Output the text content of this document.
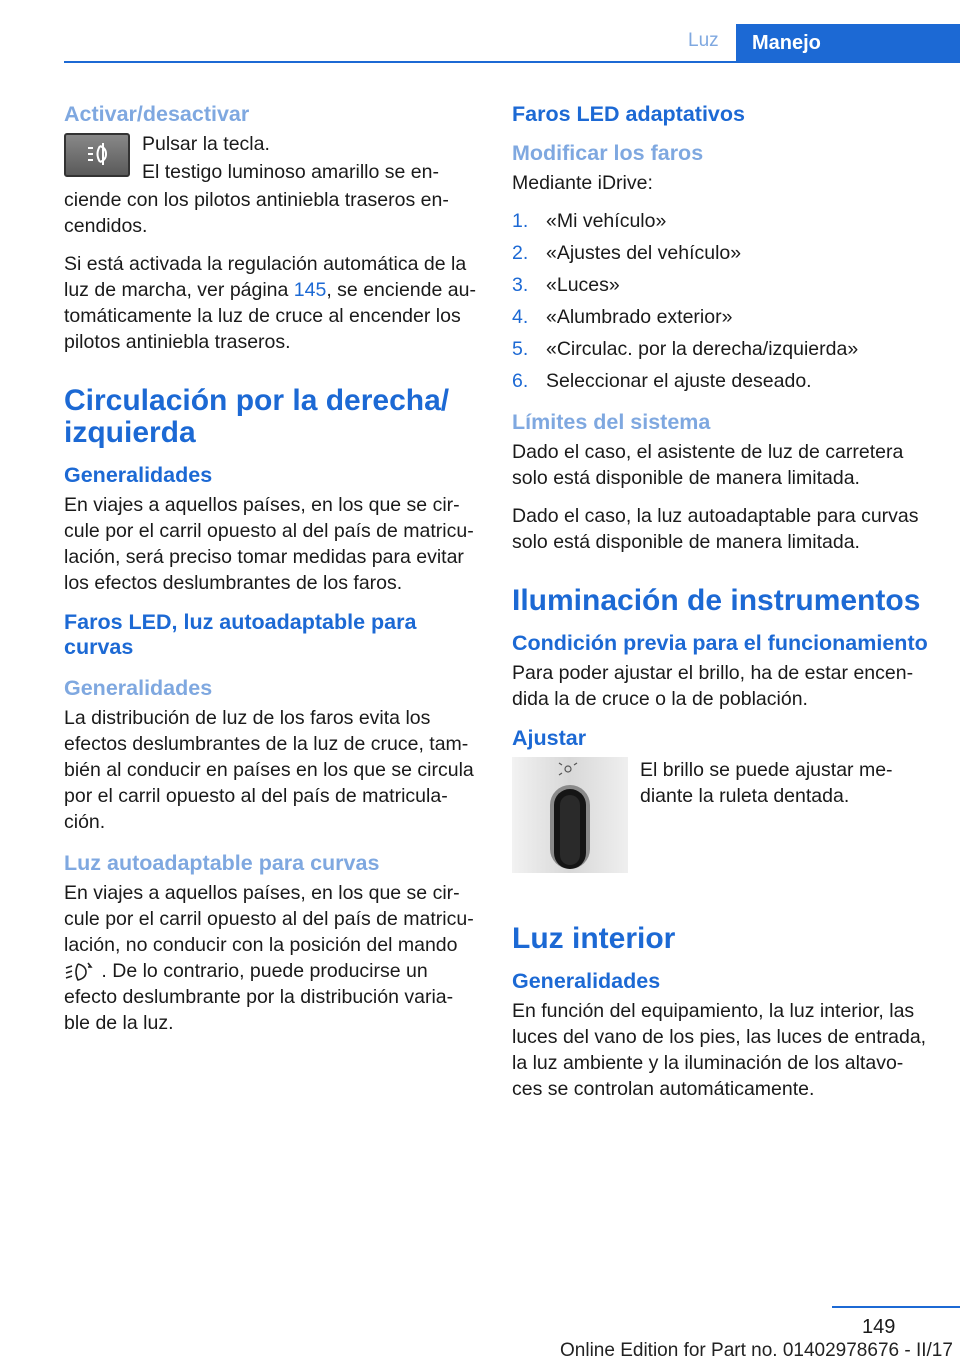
Luz	Manejo
Activar/desactivar

Pulsar la tecla.

El testigo luminoso amarillo se en-

ciende con los pilotos antiniebla traseros en-cendidos.

Si está activada la regulación automática de la luz de marcha, ver página 145, se enciende au-tomáticamente la luz de cruce al encender los pilotos antiniebla traseros.

Circulación por la derecha/ izquierda
Generalidades

En viajes a aquellos países, en los que se cir-cule por el carril opuesto al del país de matricu-lación, será preciso tomar medidas para evitar los efectos deslumbrantes de los faros.

Faros LED, luz autoadaptable para curvas
Generalidades

La distribución de luz de los faros evita los efectos deslumbrantes de la luz de cruce, tam-bién al conducir en países en los que se circula por el carril opuesto al del país de matricula-ción.

Luz autoadaptable para curvas

En viajes a aquellos países, en los que se cir-cule por el carril opuesto al del país de matricu-lación, no conducir con la posición del mando
. De lo contrario, puede producirse un efecto deslumbrante por la distribución varia-ble de la luz.

Faros LED adaptativos
Modificar los faros

Mediante iDrive:

1. «Mi vehículo»
2. «Ajustes del vehículo»
3. «Luces»
4. «Alumbrado exterior»
5. «Circulac. por la derecha/izquierda»
6. Seleccionar el ajuste deseado.
Límites del sistema

Dado el caso, el asistente de luz de carretera solo está disponible de manera limitada.

Dado el caso, la luz autoadaptable para curvas solo está disponible de manera limitada.

Iluminación de instrumentos
Condición previa para el funcionamiento

Para poder ajustar el brillo, ha de estar encen-dida la de cruce o la de población.

Ajustar

El brillo se puede ajustar me-diante la ruleta dentada.

Luz interior
Generalidades

En función del equipamiento, la luz interior, las luces del vano de los pies, las luces de entrada, la luz ambiente y la iluminación de los altavo-ces se controlan automáticamente.

149
Online Edition for Part no. 01402978676 - II/17
